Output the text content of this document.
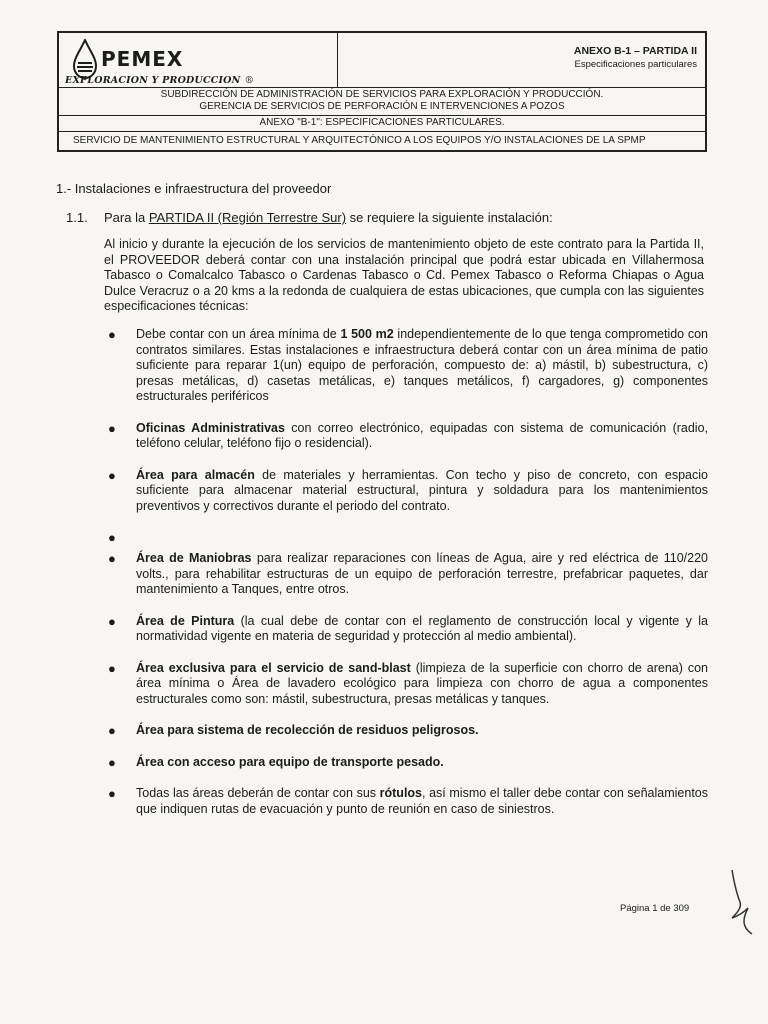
PEMEX
EXPLORACION Y PRODUCCION ®
ANEXO B-1 – PARTIDA II
Especificaciones particulares
SUBDIRECCIÓN DE ADMINISTRACIÓN DE SERVICIOS PARA EXPLORACIÓN Y PRODUCCIÓN.
GERENCIA DE SERVICIOS DE PERFORACIÓN E INTERVENCIONES A POZOS
ANEXO "B-1": ESPECIFICACIONES PARTICULARES.
SERVICIO DE MANTENIMIENTO ESTRUCTURAL Y ARQUITECTÓNICO A LOS EQUIPOS Y/O INSTALACIONES DE LA SPMP
1.- Instalaciones e infraestructura del proveedor
1.1. Para la PARTIDA II (Región Terrestre Sur) se requiere la siguiente instalación:
Al inicio y durante la ejecución de los servicios de mantenimiento objeto de este contrato para la Partida II, el PROVEEDOR deberá contar con una instalación principal que podrá estar ubicada en Villahermosa Tabasco o Comalcalco Tabasco o Cardenas Tabasco o Cd. Pemex Tabasco o Reforma Chiapas o Agua Dulce Veracruz o a 20 kms a la redonda de cualquiera de estas ubicaciones, que cumpla con las siguientes especificaciones técnicas:
● Debe contar con un área mínima de 1 500 m2 independientemente de lo que tenga comprometido con contratos similares. Estas instalaciones e infraestructura deberá contar con un área mínima de patio suficiente para reparar 1(un) equipo de perforación, compuesto de: a) mástil, b) subestructura, c) presas metálicas, d) casetas metálicas, e) tanques metálicos, f) cargadores, g) componentes estructurales periféricos
● Oficinas Administrativas con correo electrónico, equipadas con sistema de comunicación (radio, teléfono celular, teléfono fijo o residencial).
● Área para almacén de materiales y herramientas. Con techo y piso de concreto, con espacio suficiente para almacenar material estructural, pintura y soldadura para los mantenimientos preventivos y correctivos durante el periodo del contrato.
●
● Área de Maniobras para realizar reparaciones con líneas de Agua, aire y red eléctrica de 110/220 volts., para rehabilitar estructuras de un equipo de perforación terrestre, prefabricar paquetes, dar mantenimiento a Tanques, entre otros.
● Área de Pintura (la cual debe de contar con el reglamento de construcción local y vigente y la normatividad vigente en materia de seguridad y protección al medio ambiental).
● Área exclusiva para el servicio de sand-blast (limpieza de la superficie con chorro de arena) con área mínima o Área de lavadero ecológico para limpieza con chorro de agua a componentes estructurales como son: mástil, subestructura, presas metálicas y tanques.
● Área para sistema de recolección de residuos peligrosos.
● Área con acceso para equipo de transporte pesado.
● Todas las áreas deberán de contar con sus rótulos, así mismo el taller debe contar con señalamientos que indiquen rutas de evacuación y punto de reunión en caso de siniestros.
Página 1 de 309
